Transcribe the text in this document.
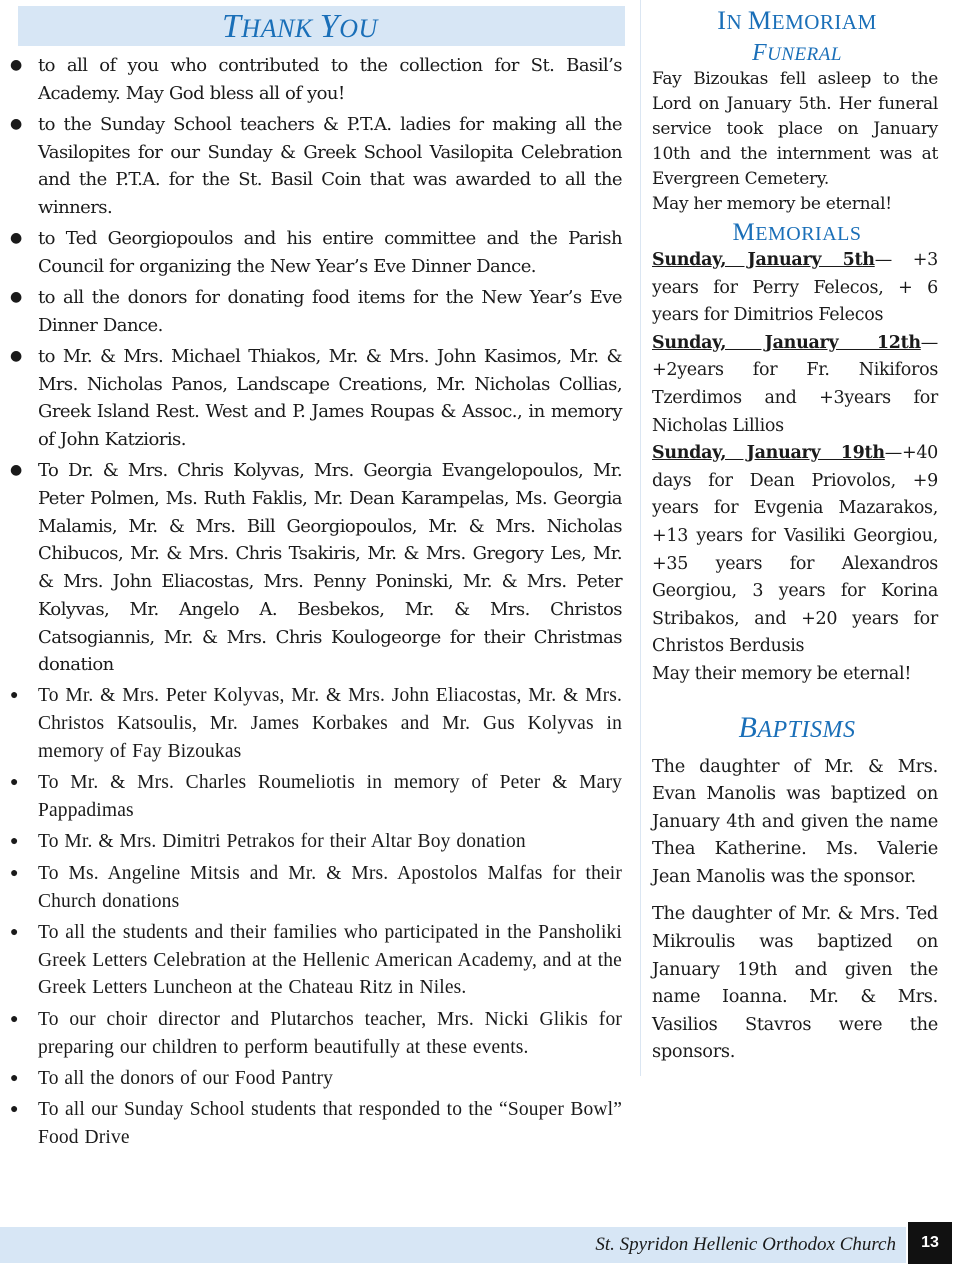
THANK YOU
● to all of you who contributed to the collection for St. Basil’s Academy. May God bless all of you!
● to the Sunday School teachers & P.T.A. ladies for making all the Vasilopites for our Sunday & Greek School Vasilopita Celebration and the P.T.A. for the St. Basil Coin that was awarded to all the winners.
● to Ted Georgiopoulos and his entire committee and the Parish Council for organizing the New Year’s Eve Dinner Dance.
● to all the donors for donating food items for the New Year’s Eve Dinner Dance.
● to Mr. & Mrs. Michael Thiakos, Mr. & Mrs. John Kasimos, Mr. & Mrs. Nicholas Panos, Landscape Creations, Mr. Nicholas Collias, Greek Island Rest. West and P. James Roupas & Assoc., in memory of John Katzioris.
● To Dr. & Mrs. Chris Kolyvas, Mrs. Georgia Evangelopoulos, Mr. Peter Polmen, Ms. Ruth Faklis, Mr. Dean Karampelas, Ms. Georgia Malamis, Mr. & Mrs. Bill Georgiopoulos, Mr. & Mrs. Nicholas Chibucos, Mr. & Mrs. Chris Tsakiris, Mr. & Mrs. Gregory Les, Mr. & Mrs. John Eliacostas, Mrs. Penny Poninski, Mr. & Mrs. Peter Kolyvas, Mr. Angelo A. Besbekos, Mr. & Mrs. Christos Catsogiannis, Mr. & Mrs. Chris Koulogeorge for their Christmas donation
● To Mr. & Mrs. Peter Kolyvas, Mr. & Mrs. John Eliacostas, Mr. & Mrs. Christos Katsoulis, Mr. James Korbakes and Mr. Gus Kolyvas in memory of Fay Bizoukas
● To Mr. & Mrs. Charles Roumeliotis in memory of Peter & Mary Pappadimas
● To Mr. & Mrs. Dimitri Petrakos for their Altar Boy donation
● To Ms. Angeline Mitsis and Mr. & Mrs. Apostolos Malfas for their Church donations
● To all the students and their families who participated in the Pansholiki Greek Letters Celebration at the Hellenic American Academy, and at the Greek Letters Luncheon at the Chateau Ritz in Niles.
● To our choir director and Plutarchos teacher, Mrs. Nicki Glikis for preparing our children to perform beautifully at these events.
● To all the donors of our Food Pantry
● To all our Sunday School students that responded to the “Souper Bowl” Food Drive
IN MEMORIAM
FUNERAL
Fay Bizoukas fell asleep to the Lord on January 5th. Her funeral service took place on January 10th and the internment was at Evergreen Cemetery.
May her memory be eternal!
MEMORIALS
Sunday, January 5th— +3 years for Perry Felecos, + 6 years for Dimitrios Felecos
Sunday, January 12th—+2years for Fr. Nikiforos Tzerdimos and +3years for Nicholas Lillios
Sunday, January 19th—+40 days for Dean Priovolos, +9 years for Evgenia Mazarakos, +13 years for Vasiliki Georgiou, +35 years for Alexandros Georgiou, 3 years for Korina Stribakos, and +20 years for Christos Berdusis
May their memory be eternal!
BAPTISMS
The daughter of Mr. & Mrs. Evan Manolis was baptized on January 4th and given the name Thea Katherine. Ms. Valerie Jean Manolis was the sponsor.
The daughter of Mr. & Mrs. Ted Mikroulis was baptized on January 19th and given the name Ioanna. Mr. & Mrs. Vasilios Stavros were the sponsors.
St. Spyridon Hellenic Orthodox Church	13
